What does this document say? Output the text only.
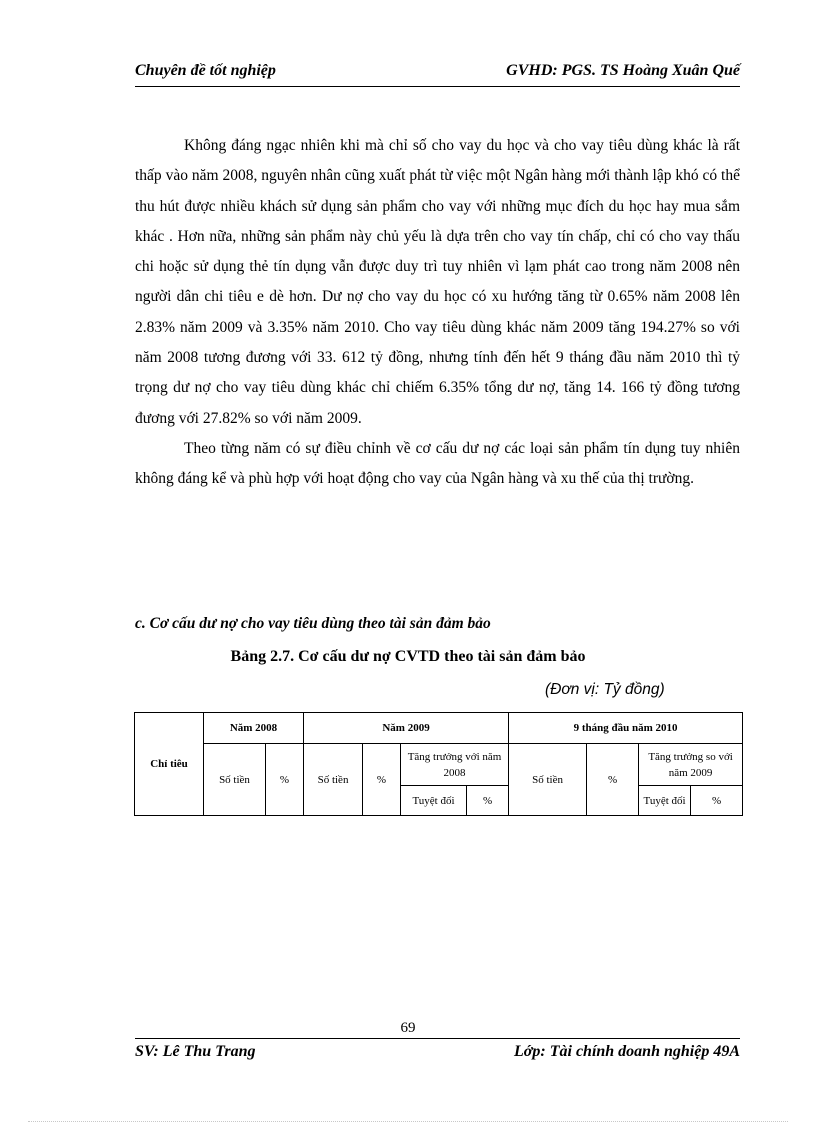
Chuyên đề tốt nghiệp	GVHD: PGS. TS Hoàng Xuân Quế

Không đáng ngạc nhiên khi mà chỉ số cho vay du học và cho vay tiêu dùng khác là rất thấp vào năm 2008, nguyên nhân cũng xuất phát từ việc một Ngân hàng mới thành lập khó có thể thu hút được nhiều khách sử dụng sản phẩm cho vay với những mục đích du học hay mua sắm khác . Hơn nữa, những sản phẩm này chủ yếu là dựa trên cho vay tín chấp, chỉ có cho vay thấu chi hoặc sử dụng thẻ tín dụng vẫn được duy trì tuy nhiên vì lạm phát cao trong năm 2008 nên người dân chi tiêu e dè hơn. Dư nợ cho vay du học có xu hướng tăng từ 0.65% năm 2008 lên 2.83% năm 2009 và 3.35% năm 2010. Cho vay tiêu dùng khác năm 2009 tăng 194.27% so với năm 2008 tương đương với 33. 612 tỷ đồng, nhưng tính đến hết 9 tháng đầu năm 2010 thì tỷ trọng dư nợ cho vay tiêu dùng khác chỉ chiếm 6.35% tổng dư nợ, tăng 14. 166 tỷ đồng tương đương với 27.82% so với năm 2009.

Theo từng năm có sự điều chỉnh về cơ cấu dư nợ các loại sản phẩm tín dụng tuy nhiên không đáng kể và phù hợp với hoạt động cho vay của Ngân hàng và xu thế của thị trường.

c. Cơ cấu dư nợ cho vay tiêu dùng theo tài sản đảm bảo
Bảng 2.7. Cơ cấu dư nợ CVTD theo tài sản đảm bảo
(Đơn vị: Tỷ đồng)
Chỉ tiêu	Năm 2008		Năm 2009				9 tháng đầu năm 2010			
	Số tiền	%	Số tiền	%	Tăng trưởng với năm 2008		Số tiền	%	Tăng trưởng so với năm 2009	
					Tuyệt đối	%			Tuyệt đối	%
69
SV: Lê Thu Trang	Lớp: Tài chính doanh nghiệp 49A
